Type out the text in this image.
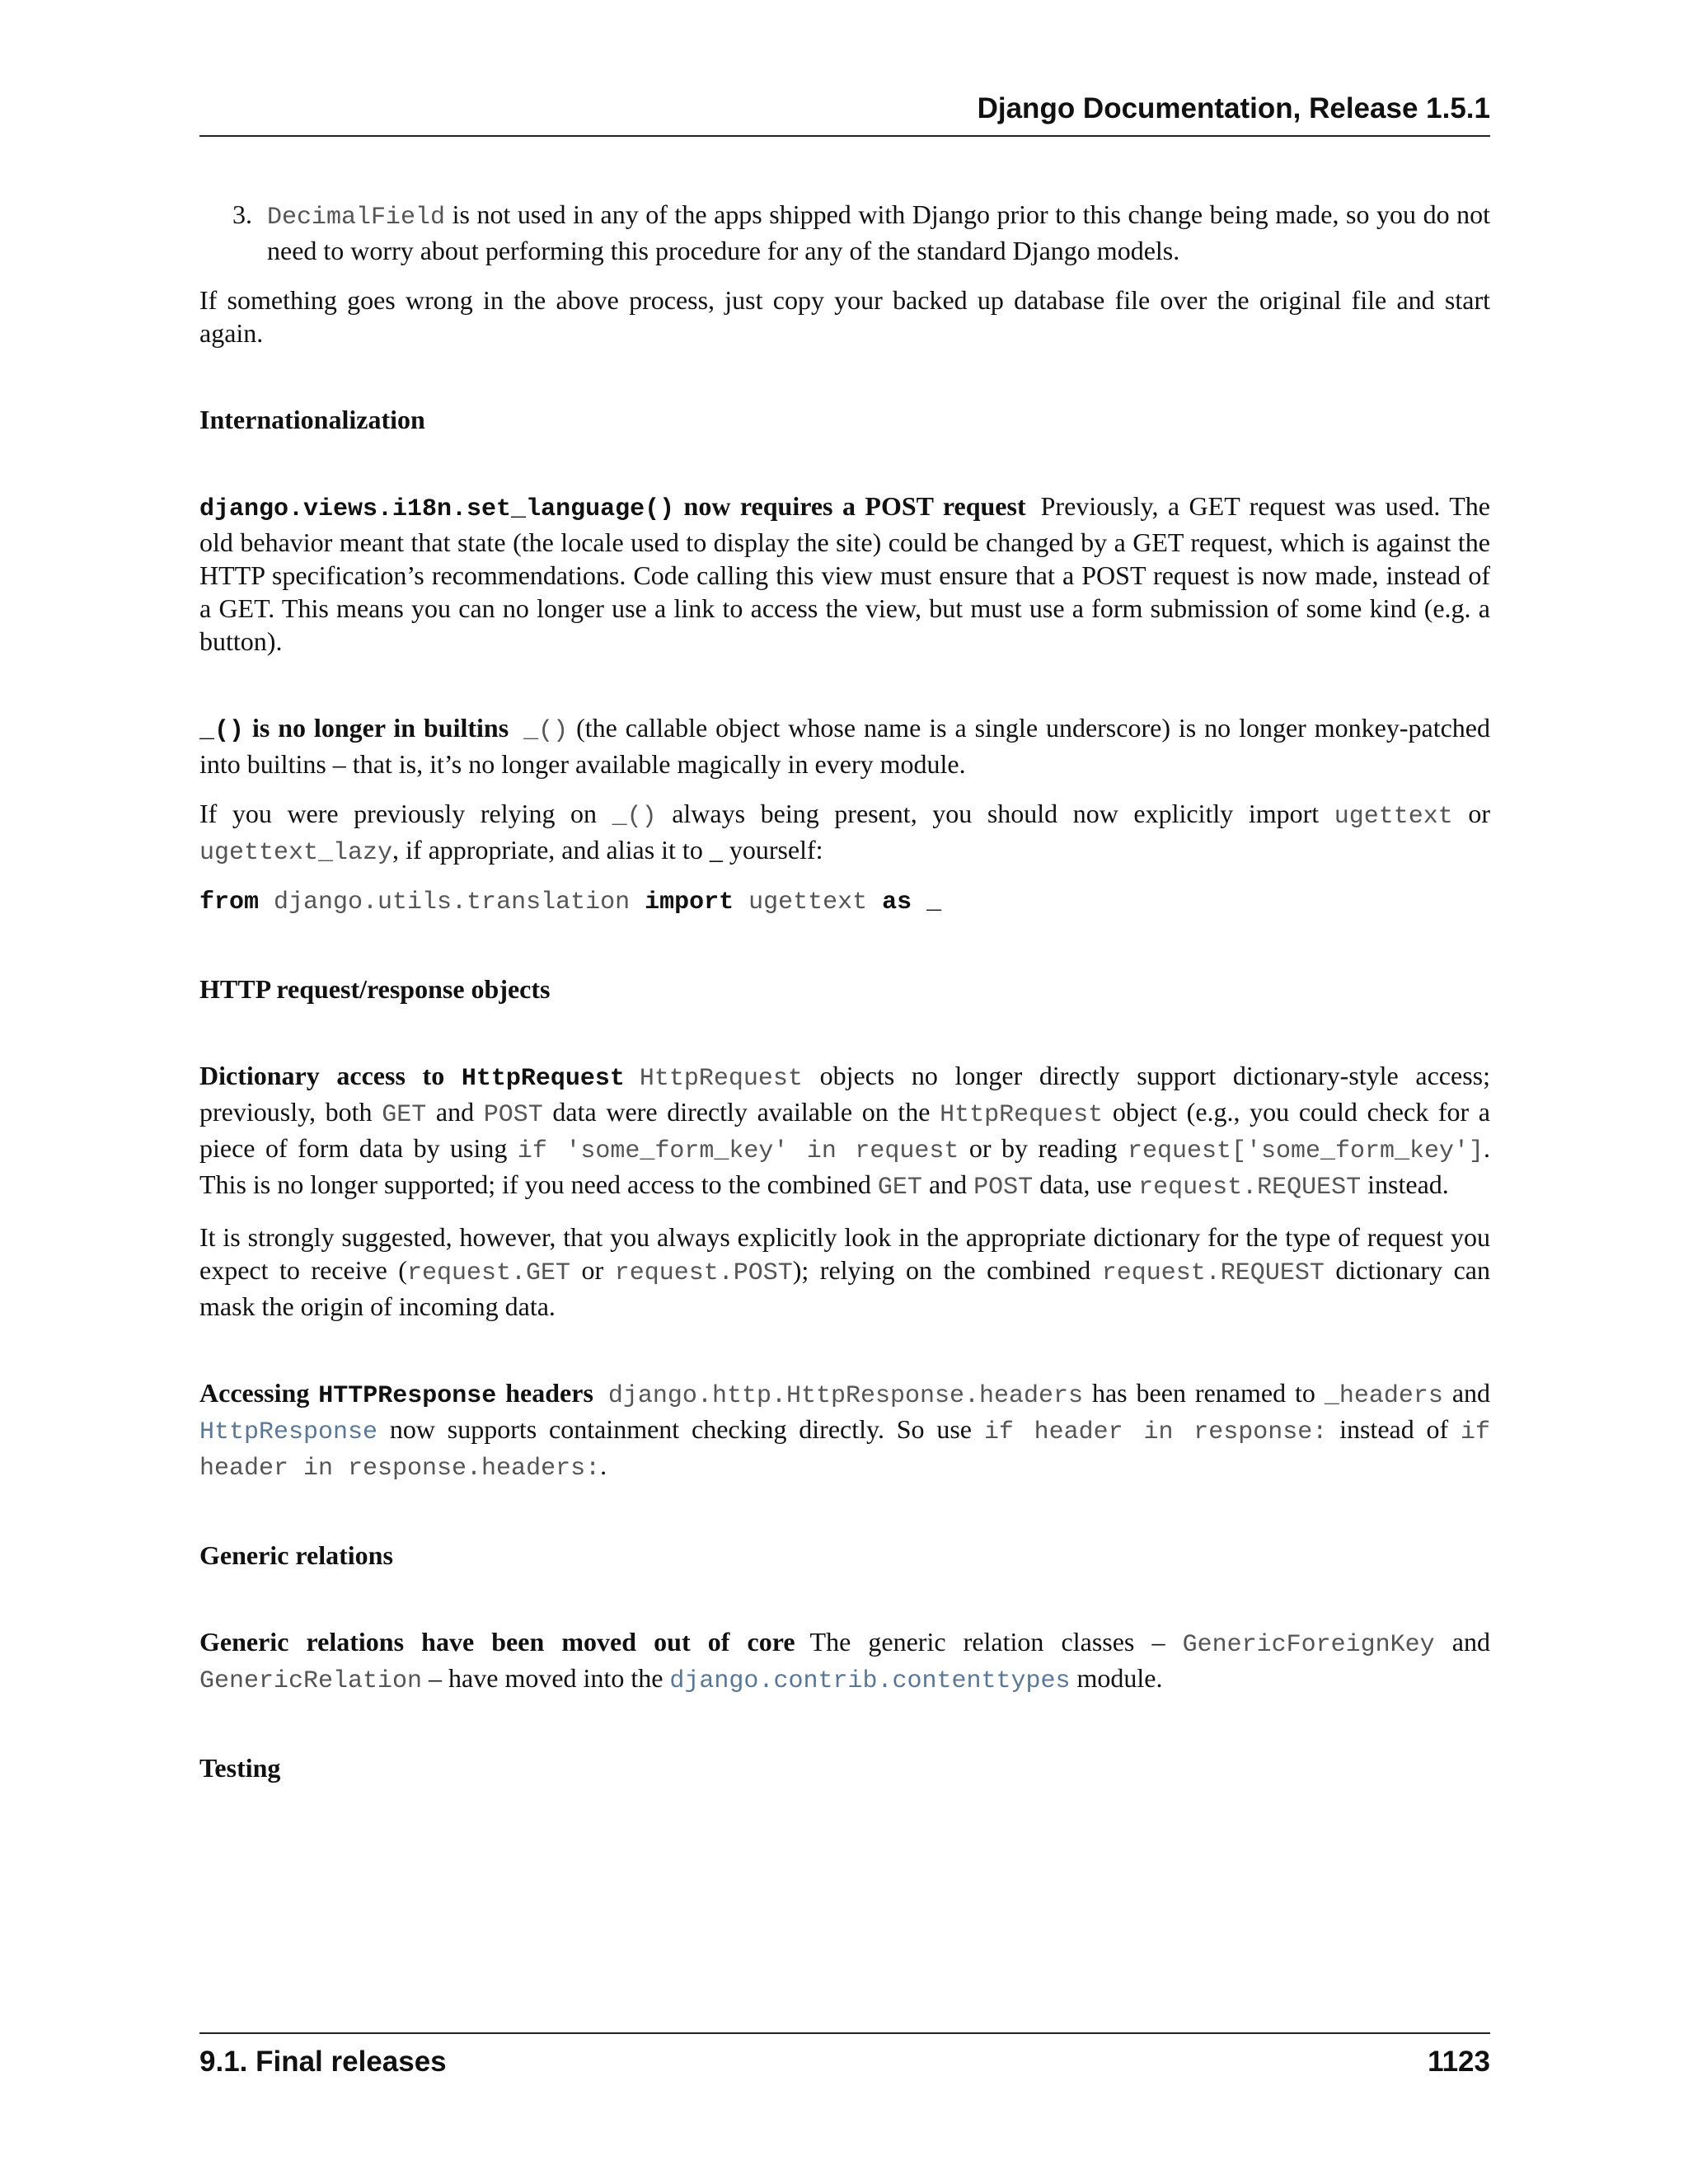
Django Documentation, Release 1.5.1
3. DecimalField is not used in any of the apps shipped with Django prior to this change being made, so you do not need to worry about performing this procedure for any of the standard Django models.

If something goes wrong in the above process, just copy your backed up database file over the original file and start again.

Internationalization

django.views.i18n.set_language() now requires a POST request Previously, a GET request was used. The old behavior meant that state (the locale used to display the site) could be changed by a GET request, which is against the HTTP specification’s recommendations. Code calling this view must ensure that a POST request is now made, instead of a GET. This means you can no longer use a link to access the view, but must use a form submission of some kind (e.g. a button).

_() is no longer in builtins _() (the callable object whose name is a single underscore) is no longer monkey-patched into builtins – that is, it’s no longer available magically in every module.

If you were previously relying on _() always being present, you should now explicitly import ugettext or ugettext_lazy, if appropriate, and alias it to _ yourself:

from django.utils.translation import ugettext as _
HTTP request/response objects

Dictionary access to HttpRequest HttpRequest objects no longer directly support dictionary-style access; previously, both GET and POST data were directly available on the HttpRequest object (e.g., you could check for a piece of form data by using if 'some_form_key' in request or by reading request['some_form_key']. This is no longer supported; if you need access to the combined GET and POST data, use request.REQUEST instead.

It is strongly suggested, however, that you always explicitly look in the appropriate dictionary for the type of request you expect to receive (request.GET or request.POST); relying on the combined request.REQUEST dictionary can mask the origin of incoming data.

Accessing HTTPResponse headers django.http.HttpResponse.headers has been renamed to _headers and HttpResponse now supports containment checking directly. So use if header in response: instead of if header in response.headers:.

Generic relations

Generic relations have been moved out of core The generic relation classes – GenericForeignKey and GenericRelation – have moved into the django.contrib.contenttypes module.

Testing
9.1. Final releases	1123
